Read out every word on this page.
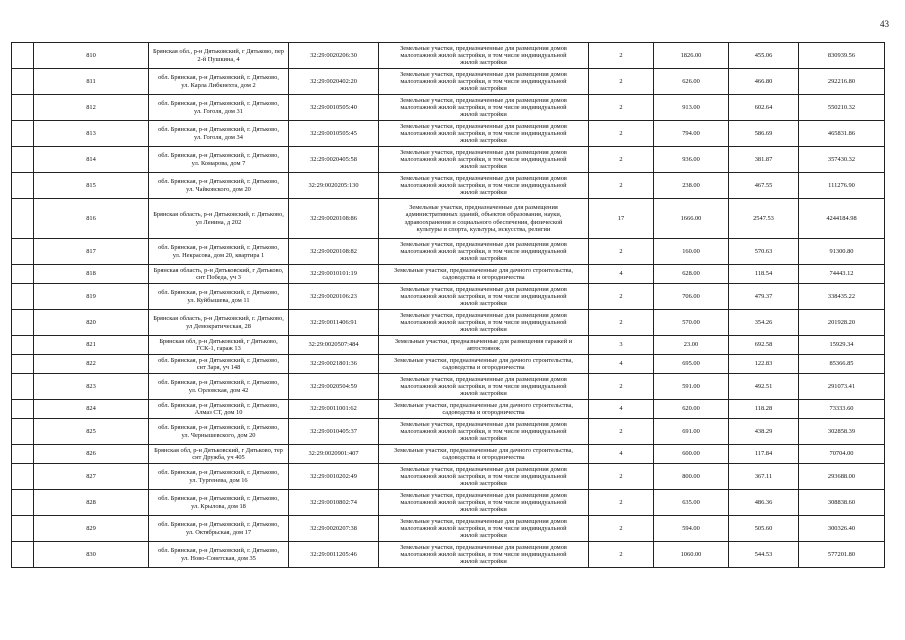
43
	810	Брянская обл., р-н Дятьковский, г Дятьково, пер
2-й Пушкина, 4	32:29:0020206:30	Земельные участки, предназначенные для размещения домов
малоэтажной жилой застройки, в том числе индивидуальной
жилой застройки	2	1826.00	455.06	830939.56
	811	обл. Брянская, р-н Дятьковский, г. Дятьково,
ул. Карла Либкнехта, дом 2	32:29:0020402:20	Земельные участки, предназначенные для размещения домов
малоэтажной жилой застройки, в том числе индивидуальной
жилой застройки	2	626.00	466.80	292216.80
	812	обл. Брянская, р-н Дятьковский, г. Дятьково,
ул. Гоголя, дом 31	32:29:0010505:40	Земельные участки, предназначенные для размещения домов
малоэтажной жилой застройки, в том числе индивидуальной
жилой застройки	2	913.00	602.64	550210.32
	813	обл. Брянская, р-н Дятьковский, г. Дятьково,
ул. Гоголя, дом 34	32:29:0010505:45	Земельные участки, предназначенные для размещения домов
малоэтажной жилой застройки, в том числе индивидуальной
жилой застройки	2	794.00	586.69	465831.86
	814	обл. Брянская, р-н Дятьковский, г. Дятьково,
ул. Комарова, дом 7	32:29:0020405:58	Земельные участки, предназначенные для размещения домов
малоэтажной жилой застройки, в том числе индивидуальной
жилой застройки	2	936.00	381.87	357430.32
	815	обл. Брянская, р-н Дятьковский, г. Дятьково,
ул. Чайковского, дом 20	32:29:0020205:130	Земельные участки, предназначенные для размещения домов
малоэтажной жилой застройки, в том числе индивидуальной
жилой застройки	2	238.00	467.55	111276.90
	816	Брянская область, р-н Дятьковский, г. Дятьково,
ул Ленина, д 202	32:29:0020108:86	Земельные участки, предназначенные для размещения
административных зданий, объектов образования, науки,
здравоохранения и социального обеспечения, физической
культуры и спорта, культуры, искусства, религии	17	1666.00	2547.53	4244184.98
	817	обл. Брянская, р-н Дятьковский, г. Дятьково,
ул. Некрасова, дом 20, квартира 1	32:29:0020108:82	Земельные участки, предназначенные для размещения домов
малоэтажной жилой застройки, в том числе индивидуальной
жилой застройки	2	160.00	570.63	91300.80
	818	Брянская область, р-н Дятьковский, г Дятьково,
снт Победа, уч 3	32:29:0010101:19	Земельные участки, предназначенные для дачного строительства,
садоводства и огородничества	4	628.00	118.54	74443.12
	819	обл. Брянская, р-н Дятьковский, г. Дятьково,
ул. Куйбышева, дом 11	32:29:0020106:23	Земельные участки, предназначенные для размещения домов
малоэтажной жилой застройки, в том числе индивидуальной
жилой застройки	2	706.00	479.37	338435.22
	820	Брянская область, р-н Дятьковский, г. Дятьково,
ул Демократическая, 28	32:29:0011406:91	Земельные участки, предназначенные для размещения домов
малоэтажной жилой застройки, в том числе индивидуальной
жилой застройки	2	570.00	354.26	201928.20
	821	Брянская обл, р-н Дятьковский, г Дятьково,
ГСК-1, гараж 13	32:29:0020507:484	Земельные участки, предназначенные для размещения гаражей и
автостоянок	3	23.00	692.58	15929.34
	822	обл. Брянская, р-н Дятьковский, г. Дятьково,
снт Заря, уч 148	32:29:0021801:36	Земельные участки, предназначенные для дачного строительства,
садоводства и огородничества	4	695.00	122.83	85366.85
	823	обл. Брянская, р-н Дятьковский, г. Дятьково,
ул. Орловская, дом 42	32:29:0020504:59	Земельные участки, предназначенные для размещения домов
малоэтажной жилой застройки, в том числе индивидуальной
жилой застройки	2	591.00	492.51	291073.41
	824	обл. Брянская, р-н Дятьковский, г. Дятьково,
Алмаз СТ, дом 10	32:29:0011001:62	Земельные участки, предназначенные для дачного строительства,
садоводства и огородничества	4	620.00	118.28	73333.60
	825	обл. Брянская, р-н Дятьковский, г. Дятьково,
ул. Чернышевского, дом 20	32:29:0010405:37	Земельные участки, предназначенные для размещения домов
малоэтажной жилой застройки, в том числе индивидуальной
жилой застройки	2	691.00	438.29	302858.39
	826	Брянская обл, р-н Дятьковский, г Дятьково, тер
снт Дружба, уч 405	32:29:0020901:407	Земельные участки, предназначенные для дачного строительства,
садоводства и огородничества	4	600.00	117.84	70704.00
	827	обл. Брянская, р-н Дятьковский, г. Дятьково,
ул. Тургенева, дом 16	32:29:0010202:49	Земельные участки, предназначенные для размещения домов
малоэтажной жилой застройки, в том числе индивидуальной
жилой застройки	2	800.00	367.11	293688.00
	828	обл. Брянская, р-н Дятьковский, г. Дятьково,
ул. Крылова, дом 18	32:29:0010802:74	Земельные участки, предназначенные для размещения домов
малоэтажной жилой застройки, в том числе индивидуальной
жилой застройки	2	635.00	486.36	308838.60
	829	обл. Брянская, р-н Дятьковский, г. Дятьково,
ул. Октябрьская, дом 17	32:29:0020207:38	Земельные участки, предназначенные для размещения домов
малоэтажной жилой застройки, в том числе индивидуальной
жилой застройки	2	594.00	505.60	300326.40
	830	обл. Брянская, р-н Дятьковский, г. Дятьково,
ул. Ново-Советская, дом 35	32:29:0011205:46	Земельные участки, предназначенные для размещения домов
малоэтажной жилой застройки, в том числе индивидуальной
жилой застройки	2	1060.00	544.53	577201.80
